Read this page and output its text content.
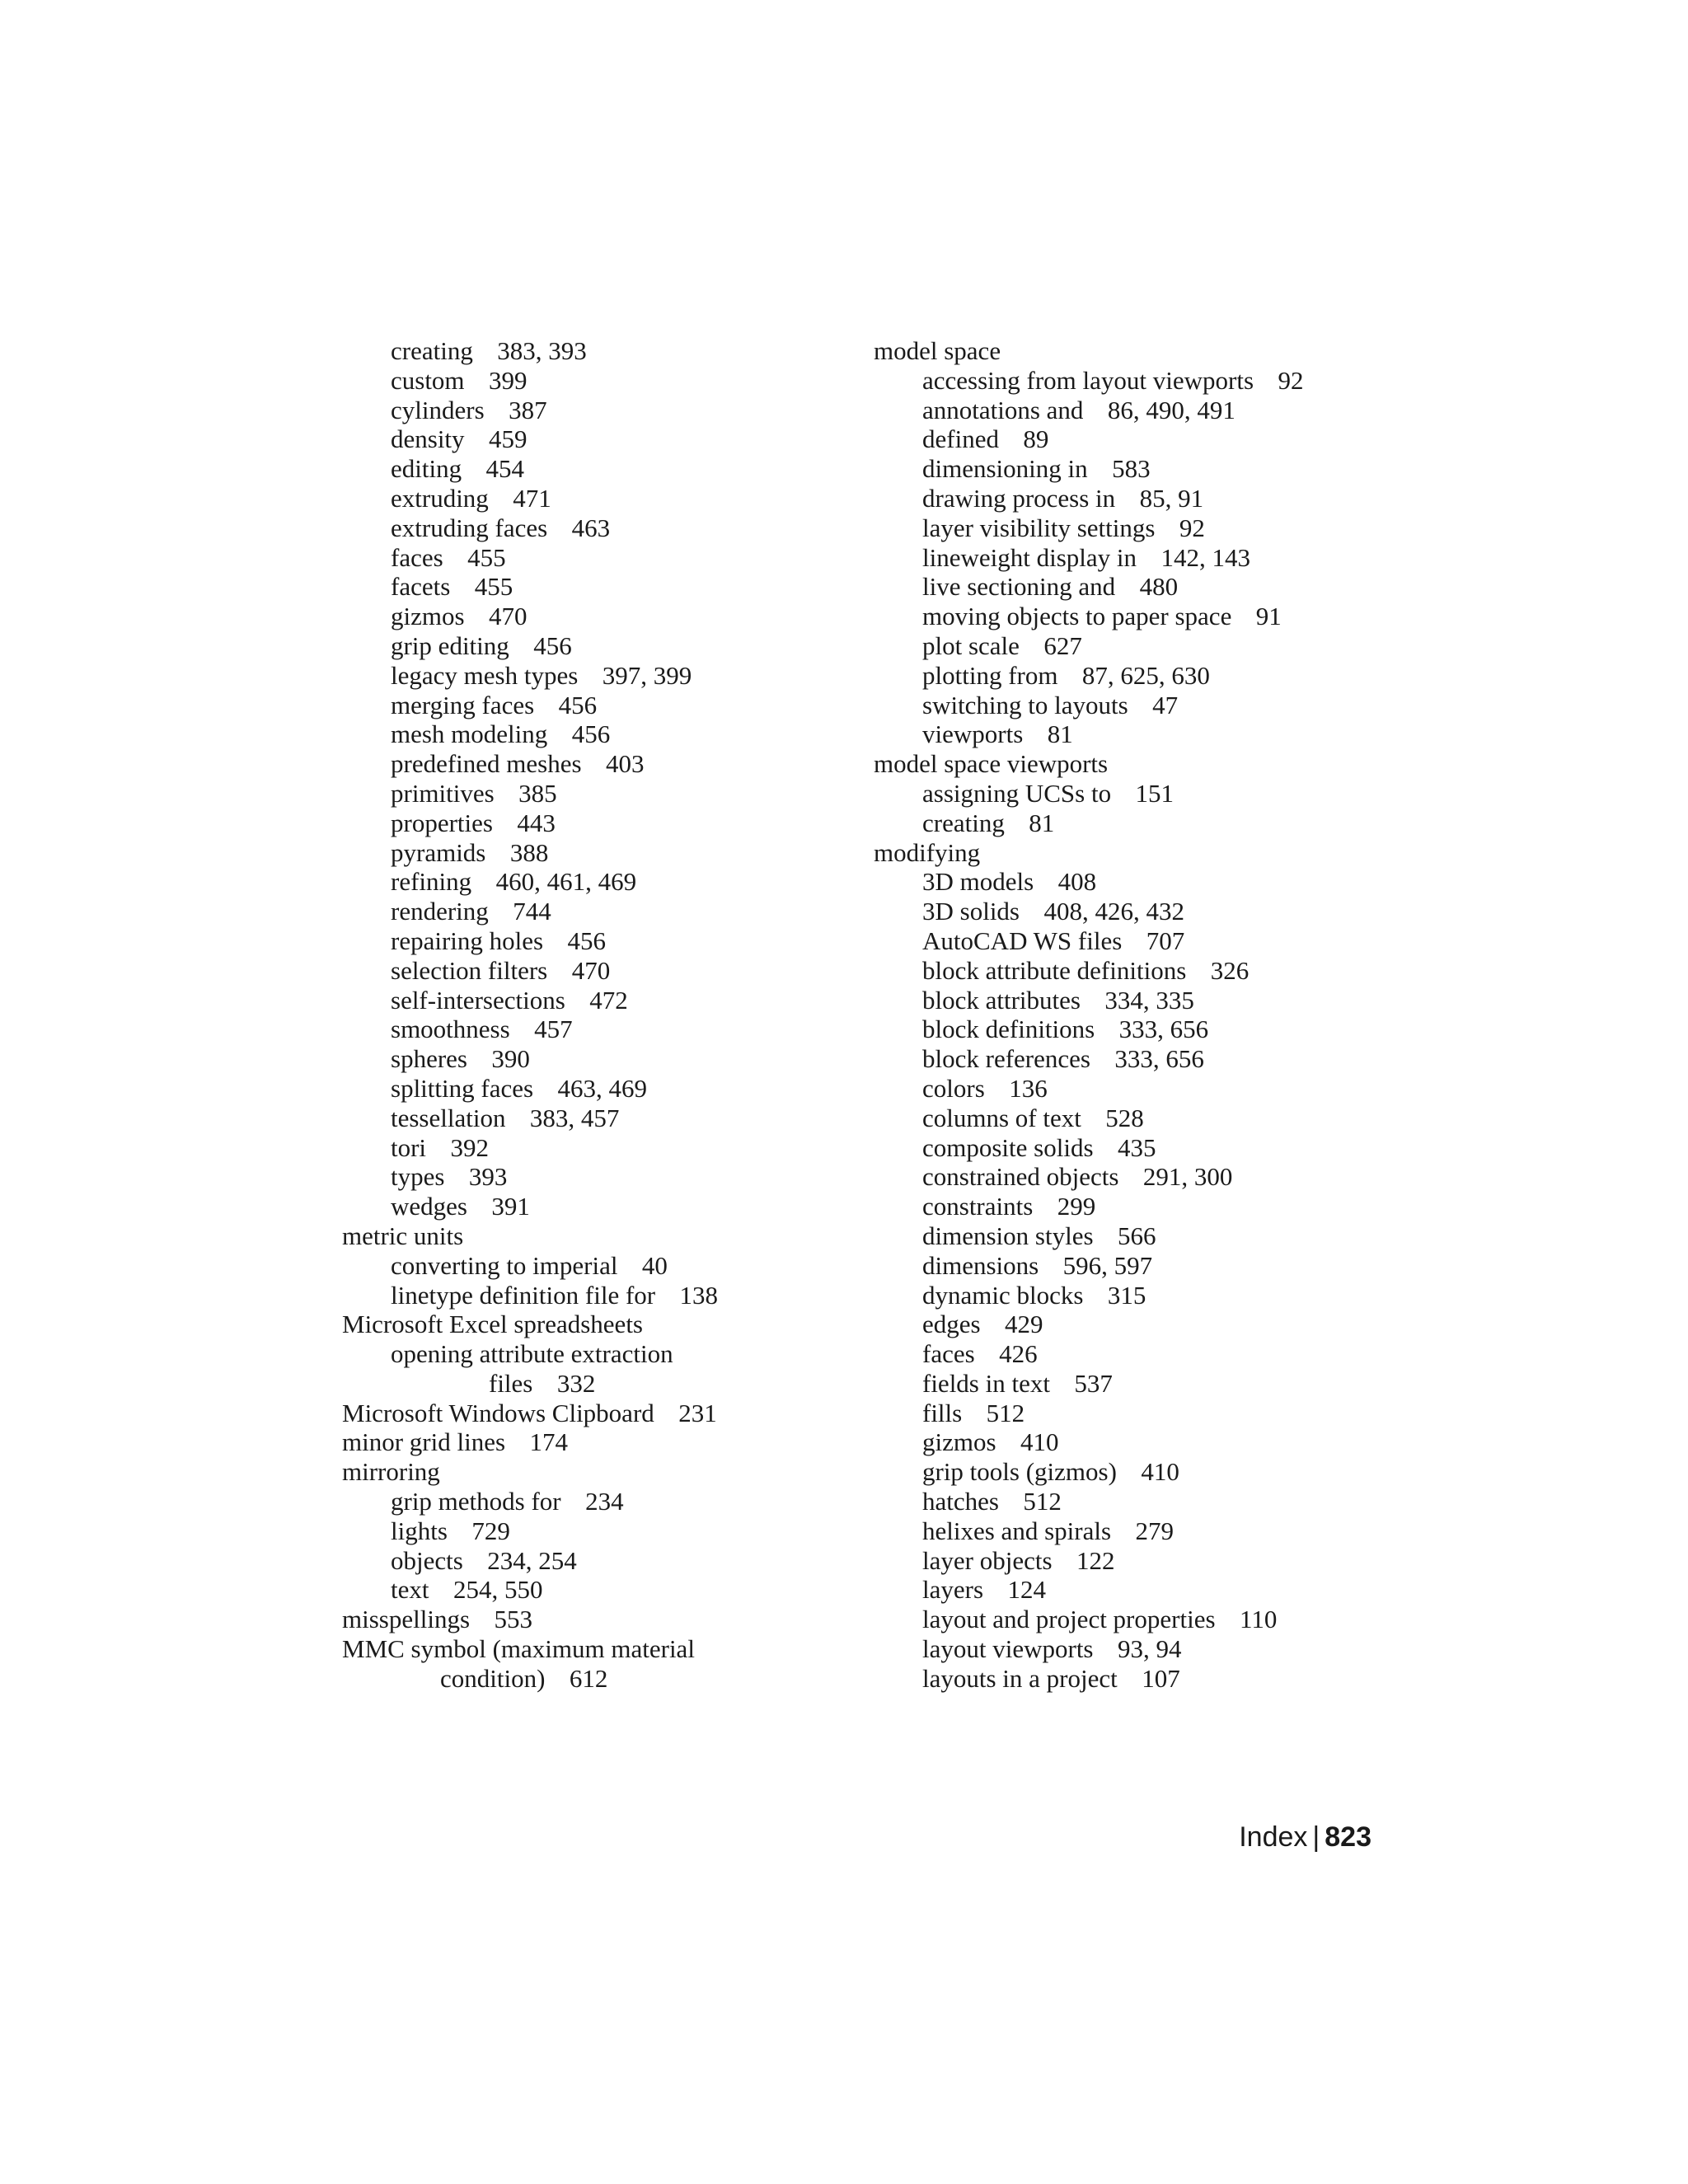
creating 383, 393
custom 399
cylinders 387
density 459
editing 454
extruding 471
extruding faces 463
faces 455
facets 455
gizmos 470
grip editing 456
legacy mesh types 397, 399
merging faces 456
mesh modeling 456
predefined meshes 403
primitives 385
properties 443
pyramids 388
refining 460, 461, 469
rendering 744
repairing holes 456
selection filters 470
self-intersections 472
smoothness 457
spheres 390
splitting faces 463, 469
tessellation 383, 457
tori 392
types 393
wedges 391
metric units
converting to imperial 40
linetype definition file for 138
Microsoft Excel spreadsheets
opening attribute extraction
files 332
Microsoft Windows Clipboard 231
minor grid lines 174
mirroring
grip methods for 234
lights 729
objects 234, 254
text 254, 550
misspellings 553
MMC symbol (maximum material
condition) 612
model space
accessing from layout viewports 92
annotations and 86, 490, 491
defined 89
dimensioning in 583
drawing process in 85, 91
layer visibility settings 92
lineweight display in 142, 143
live sectioning and 480
moving objects to paper space 91
plot scale 627
plotting from 87, 625, 630
switching to layouts 47
viewports 81
model space viewports
assigning UCSs to 151
creating 81
modifying
3D models 408
3D solids 408, 426, 432
AutoCAD WS files 707
block attribute definitions 326
block attributes 334, 335
block definitions 333, 656
block references 333, 656
colors 136
columns of text 528
composite solids 435
constrained objects 291, 300
constraints 299
dimension styles 566
dimensions 596, 597
dynamic blocks 315
edges 429
faces 426
fields in text 537
fills 512
gizmos 410
grip tools (gizmos) 410
hatches 512
helixes and spirals 279
layer objects 122
layers 124
layout and project properties 110
layout viewports 93, 94
layouts in a project 107
Index | 823
